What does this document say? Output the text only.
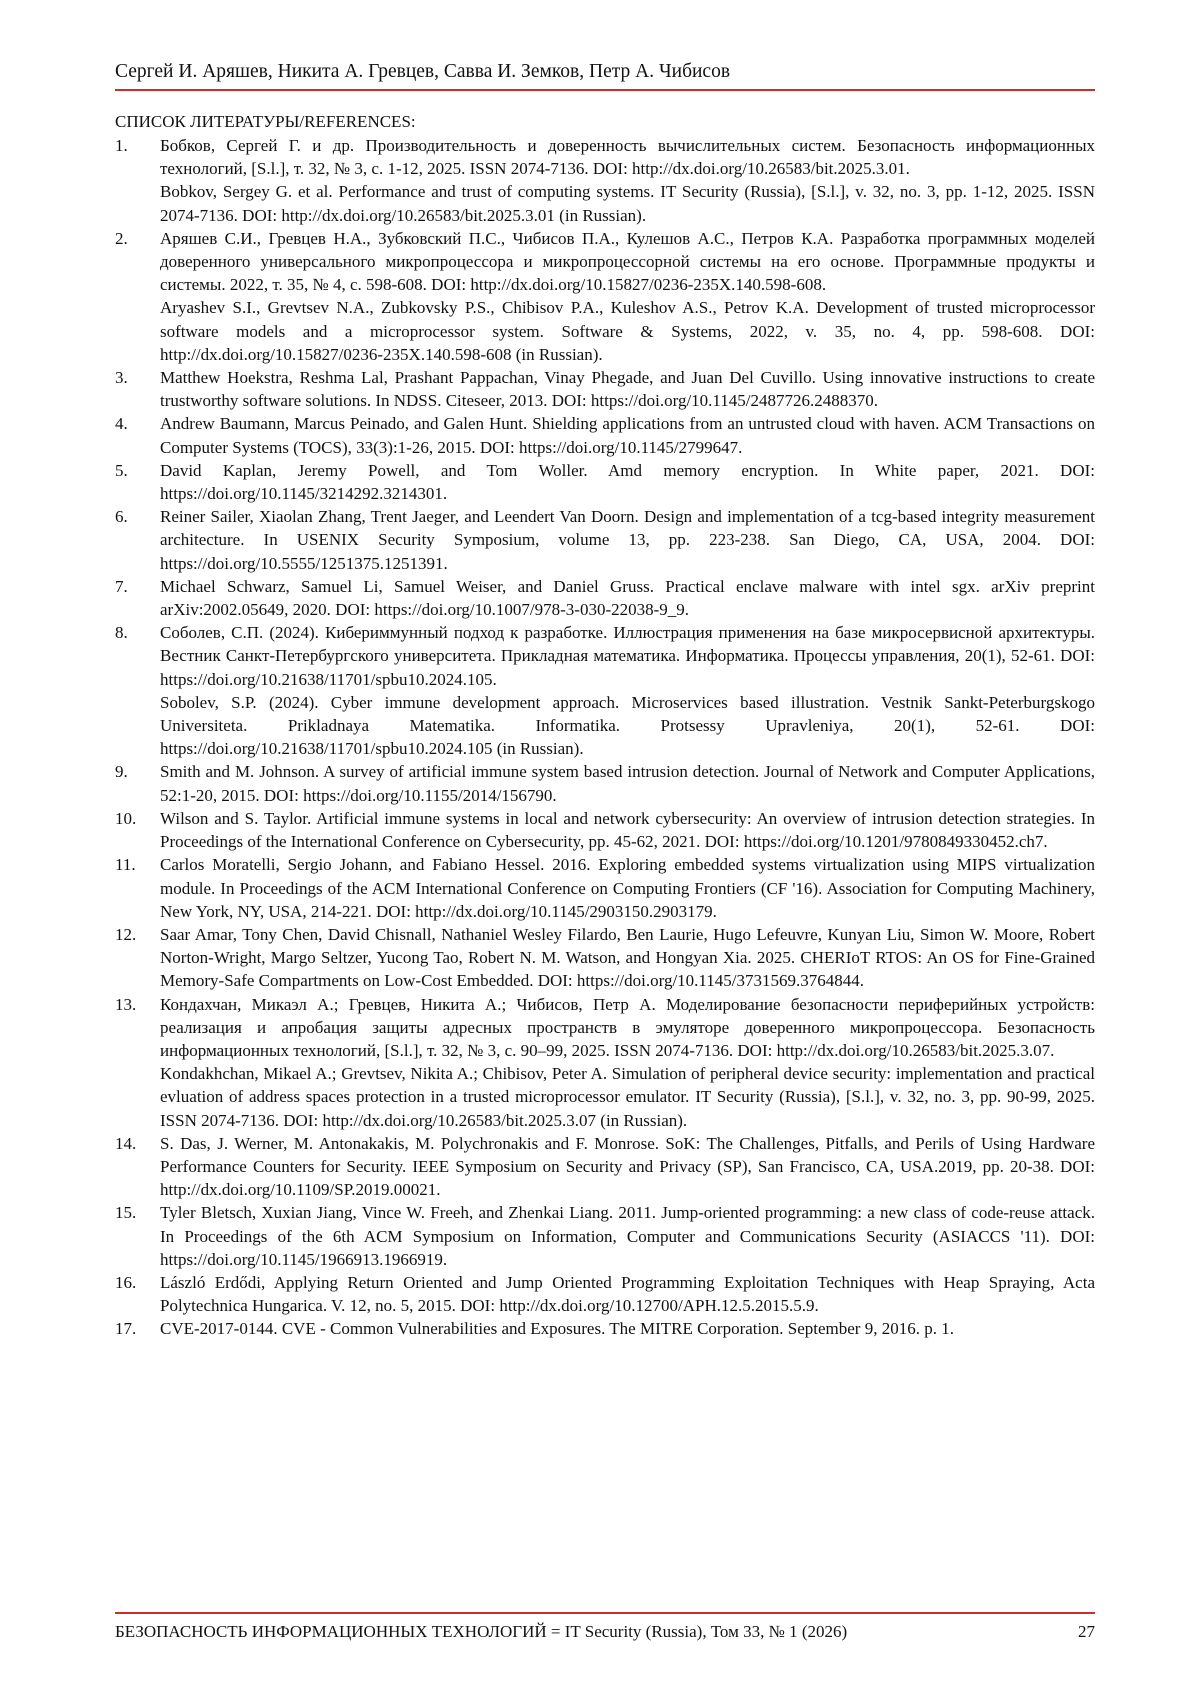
Сергей И. Аряшев, Никита А. Гревцев, Савва И. Земков, Петр А. Чибисов
СПИСОК ЛИТЕРАТУРЫ/REFERENCES:
1. Бобков, Сергей Г. и др. Производительность и доверенность вычислительных систем. Безопасность информационных технологий, [S.l.], т. 32, № 3, с. 1-12, 2025. ISSN 2074-7136. DOI: http://dx.doi.org/10.26583/bit.2025.3.01.

Bobkov, Sergey G. et al. Performance and trust of computing systems. IT Security (Russia), [S.l.], v. 32, no. 3, pp. 1-12, 2025. ISSN 2074-7136. DOI: http://dx.doi.org/10.26583/bit.2025.3.01 (in Russian).

2. Аряшев С.И., Гревцев Н.А., Зубковский П.С., Чибисов П.А., Кулешов А.С., Петров К.А. Разработка программных моделей доверенного универсального микропроцессора и микропроцессорной системы на его основе. Программные продукты и системы. 2022, т. 35, № 4, с. 598-608. DOI: http://dx.doi.org/10.15827/0236-235X.140.598-608.

Aryashev S.I., Grevtsev N.A., Zubkovsky P.S., Chibisov P.A., Kuleshov A.S., Petrov K.A. Development of trusted microprocessor software models and a microprocessor system. Software & Systems, 2022, v. 35, no. 4, pp. 598-608. DOI: http://dx.doi.org/10.15827/0236-235X.140.598-608 (in Russian).

3. Matthew Hoekstra, Reshma Lal, Prashant Pappachan, Vinay Phegade, and Juan Del Cuvillo. Using innovative instructions to create trustworthy software solutions. In NDSS. Citeseer, 2013. DOI: https://doi.org/10.1145/2487726.2488370.

4. Andrew Baumann, Marcus Peinado, and Galen Hunt. Shielding applications from an untrusted cloud with haven. ACM Transactions on Computer Systems (TOCS), 33(3):1-26, 2015. DOI: https://doi.org/10.1145/2799647.

5. David Kaplan, Jeremy Powell, and Tom Woller. Amd memory encryption. In White paper, 2021. DOI: https://doi.org/10.1145/3214292.3214301.

6. Reiner Sailer, Xiaolan Zhang, Trent Jaeger, and Leendert Van Doorn. Design and implementation of a tcg-based integrity measurement architecture. In USENIX Security Symposium, volume 13, pp. 223-238. San Diego, CA, USA, 2004. DOI: https://doi.org/10.5555/1251375.1251391.

7. Michael Schwarz, Samuel Li, Samuel Weiser, and Daniel Gruss. Practical enclave malware with intel sgx. arXiv preprint arXiv:2002.05649, 2020. DOI: https://doi.org/10.1007/978-3-030-22038-9_9.

8. Соболев, С.П. (2024). Кибериммунный подход к разработке. Иллюстрация применения на базе микросервисной архитектуры. Вестник Санкт-Петербургского университета. Прикладная математика. Информатика. Процессы управления, 20(1), 52-61. DOI: https://doi.org/10.21638/11701/spbu10.2024.105.

Sobolev, S.P. (2024). Cyber immune development approach. Microservices based illustration. Vestnik Sankt-Peterburgskogo Universiteta. Prikladnaya Matematika. Informatika. Protsessy Upravleniya, 20(1), 52-61. DOI: https://doi.org/10.21638/11701/spbu10.2024.105 (in Russian).

9. Smith and M. Johnson. A survey of artificial immune system based intrusion detection. Journal of Network and Computer Applications, 52:1-20, 2015. DOI: https://doi.org/10.1155/2014/156790.

10. Wilson and S. Taylor. Artificial immune systems in local and network cybersecurity: An overview of intrusion detection strategies. In Proceedings of the International Conference on Cybersecurity, pp. 45-62, 2021. DOI: https://doi.org/10.1201/9780849330452.ch7.

11. Carlos Moratelli, Sergio Johann, and Fabiano Hessel. 2016. Exploring embedded systems virtualization using MIPS virtualization module. In Proceedings of the ACM International Conference on Computing Frontiers (CF '16). Association for Computing Machinery, New York, NY, USA, 214-221. DOI: http://dx.doi.org/10.1145/2903150.2903179.

12. Saar Amar, Tony Chen, David Chisnall, Nathaniel Wesley Filardo, Ben Laurie, Hugo Lefeuvre, Kunyan Liu, Simon W. Moore, Robert Norton-Wright, Margo Seltzer, Yucong Tao, Robert N. M. Watson, and Hongyan Xia. 2025. CHERIoT RTOS: An OS for Fine-Grained Memory-Safe Compartments on Low-Cost Embedded. DOI: https://doi.org/10.1145/3731569.3764844.

13. Кондахчан, Микаэл А.; Гревцев, Никита А.; Чибисов, Петр А. Моделирование безопасности периферийных устройств: реализация и апробация защиты адресных пространств в эмуляторе доверенного микропроцессора. Безопасность информационных технологий, [S.l.], т. 32, № 3, с. 90–99, 2025. ISSN 2074-7136. DOI: http://dx.doi.org/10.26583/bit.2025.3.07.

Kondakhchan, Mikael A.; Grevtsev, Nikita A.; Chibisov, Peter A. Simulation of peripheral device security: implementation and practical evluation of address spaces protection in a trusted microprocessor emulator. IT Security (Russia), [S.l.], v. 32, no. 3, pp. 90-99, 2025. ISSN 2074-7136. DOI: http://dx.doi.org/10.26583/bit.2025.3.07 (in Russian).

14. S. Das, J. Werner, M. Antonakakis, M. Polychronakis and F. Monrose. SoK: The Challenges, Pitfalls, and Perils of Using Hardware Performance Counters for Security. IEEE Symposium on Security and Privacy (SP), San Francisco, CA, USA.2019, pp. 20-38. DOI: http://dx.doi.org/10.1109/SP.2019.00021.

15. Tyler Bletsch, Xuxian Jiang, Vince W. Freeh, and Zhenkai Liang. 2011. Jump-oriented programming: a new class of code-reuse attack. In Proceedings of the 6th ACM Symposium on Information, Computer and Communications Security (ASIACCS '11). DOI: https://doi.org/10.1145/1966913.1966919.

16. László Erdődi, Applying Return Oriented and Jump Oriented Programming Exploitation Techniques with Heap Spraying, Acta Polytechnica Hungarica. V. 12, no. 5, 2015. DOI: http://dx.doi.org/10.12700/APH.12.5.2015.5.9.

17. CVE-2017-0144. CVE - Common Vulnerabilities and Exposures. The MITRE Corporation. September 9, 2016. p. 1.

БЕЗОПАСНОСТЬ ИНФОРМАЦИОННЫХ ТЕХНОЛОГИЙ = IT Security (Russia), Том 33, № 1 (2026)	27
